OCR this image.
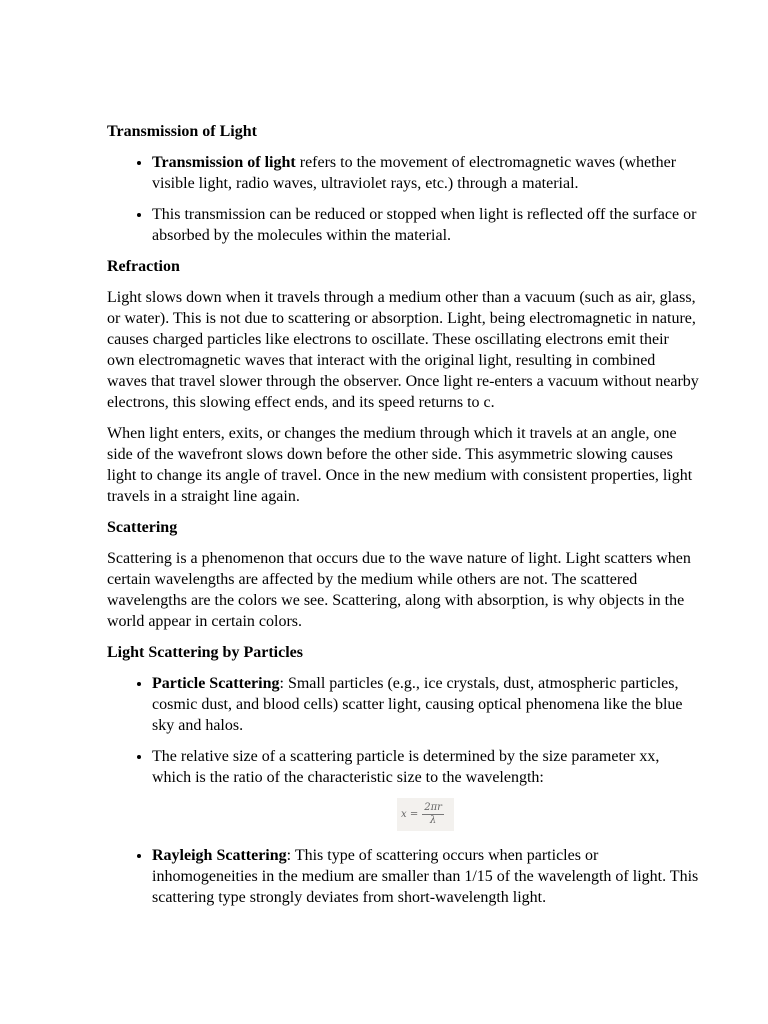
Transmission of Light
• Transmission of light refers to the movement of electromagnetic waves (whether visible light, radio waves, ultraviolet rays, etc.) through a material.
• This transmission can be reduced or stopped when light is reflected off the surface or absorbed by the molecules within the material.
Refraction

Light slows down when it travels through a medium other than a vacuum (such as air, glass, or water). This is not due to scattering or absorption. Light, being electromagnetic in nature, causes charged particles like electrons to oscillate. These oscillating electrons emit their own electromagnetic waves that interact with the original light, resulting in combined waves that travel slower through the observer. Once light re-enters a vacuum without nearby electrons, this slowing effect ends, and its speed returns to c.

When light enters, exits, or changes the medium through which it travels at an angle, one side of the wavefront slows down before the other side. This asymmetric slowing causes light to change its angle of travel. Once in the new medium with consistent properties, light travels in a straight line again.

Scattering

Scattering is a phenomenon that occurs due to the wave nature of light. Light scatters when certain wavelengths are affected by the medium while others are not. The scattered wavelengths are the colors we see. Scattering, along with absorption, is why objects in the world appear in certain colors.

Light Scattering by Particles
• Particle Scattering: Small particles (e.g., ice crystals, dust, atmospheric particles, cosmic dust, and blood cells) scatter light, causing optical phenomena like the blue sky and halos.
• The relative size of a scattering particle is determined by the size parameter xx, which is the ratio of the characteristic size to the wavelength:
$x = \frac{2\pi r}{\lambda}$
• Rayleigh Scattering: This type of scattering occurs when particles or inhomogeneities in the medium are smaller than 1/15 of the wavelength of light. This scattering type strongly deviates from short-wavelength light.
